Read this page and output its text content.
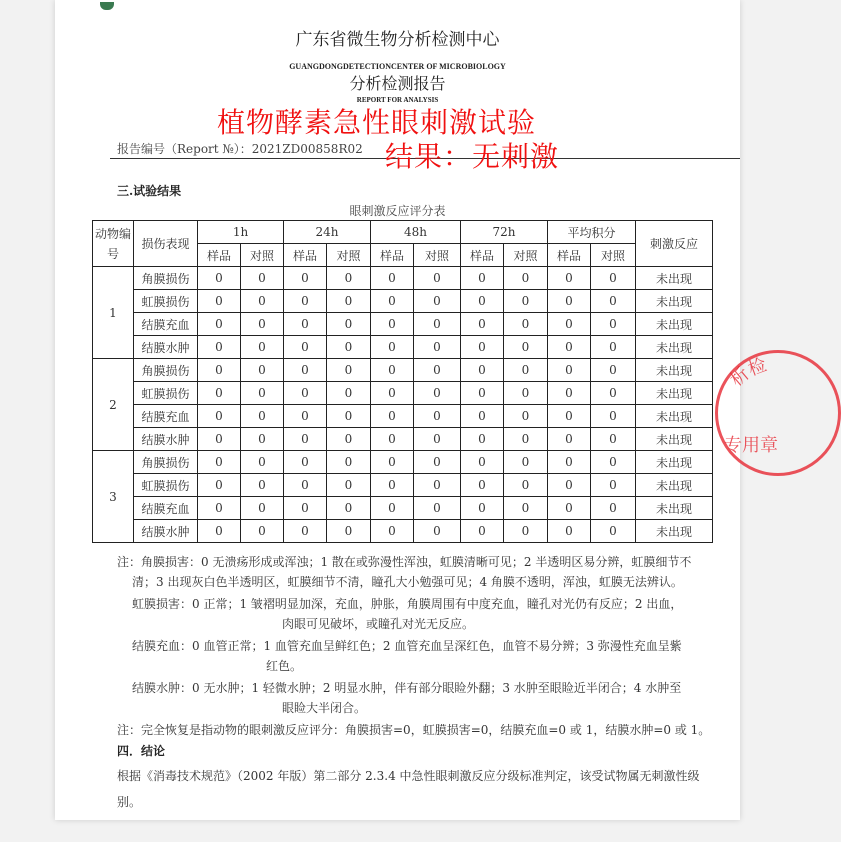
广东省微生物分析检测中心
GUANGDONGDETECTIONCENTER OF MICROBIOLOGY
分析检测报告
REPORT FOR ANALYSIS
报告编号（Report №）：2021ZD00858R02
植物酵素急性眼刺激试验
结果：无刺激
三.试验结果
眼刺激反应评分表
动物编号	损伤表现	1h		24h		48h		72h		平均积分		刺激反应
		样品	对照	样品	对照	样品	对照	样品	对照	样品	对照	
1	角膜损伤	0	0	0	0	0	0	0	0	0	0	未出现
	虹膜损伤	0	0	0	0	0	0	0	0	0	0	未出现
	结膜充血	0	0	0	0	0	0	0	0	0	0	未出现
	结膜水肿	0	0	0	0	0	0	0	0	0	0	未出现
2	角膜损伤	0	0	0	0	0	0	0	0	0	0	未出现
	虹膜损伤	0	0	0	0	0	0	0	0	0	0	未出现
	结膜充血	0	0	0	0	0	0	0	0	0	0	未出现
	结膜水肿	0	0	0	0	0	0	0	0	0	0	未出现
3	角膜损伤	0	0	0	0	0	0	0	0	0	0	未出现
	虹膜损伤	0	0	0	0	0	0	0	0	0	0	未出现
	结膜充血	0	0	0	0	0	0	0	0	0	0	未出现
	结膜水肿	0	0	0	0	0	0	0	0	0	0	未出现
注：角膜损害：0 无溃疡形成或浑浊；1 散在或弥漫性浑浊，虹膜清晰可见；2 半透明区易分辨，虹膜细节不
清；3 出现灰白色半透明区，虹膜细节不清，瞳孔大小勉强可见；4 角膜不透明，浑浊，虹膜无法辨认。
虹膜损害：0 正常；1 皱褶明显加深，充血，肿胀，角膜周围有中度充血，瞳孔对光仍有反应；2 出血，
肉眼可见破坏，或瞳孔对光无反应。
结膜充血：0 血管正常；1 血管充血呈鲜红色；2 血管充血呈深红色，血管不易分辨；3 弥漫性充血呈紫
红色。
结膜水肿：0 无水肿；1 轻微水肿；2 明显水肿，伴有部分眼睑外翻；3 水肿至眼睑近半闭合；4 水肿至
眼睑大半闭合。
注：完全恢复是指动物的眼刺激反应评分：角膜损害=0，虹膜损害=0，结膜充血=0 或 1，结膜水肿=0 或 1。
四．结论
根据《消毒技术规范》（2002 年版）第二部分 2.3.4 中急性眼刺激反应分级标准判定，该受试物属无刺激性级
别。
析
检
专用章
